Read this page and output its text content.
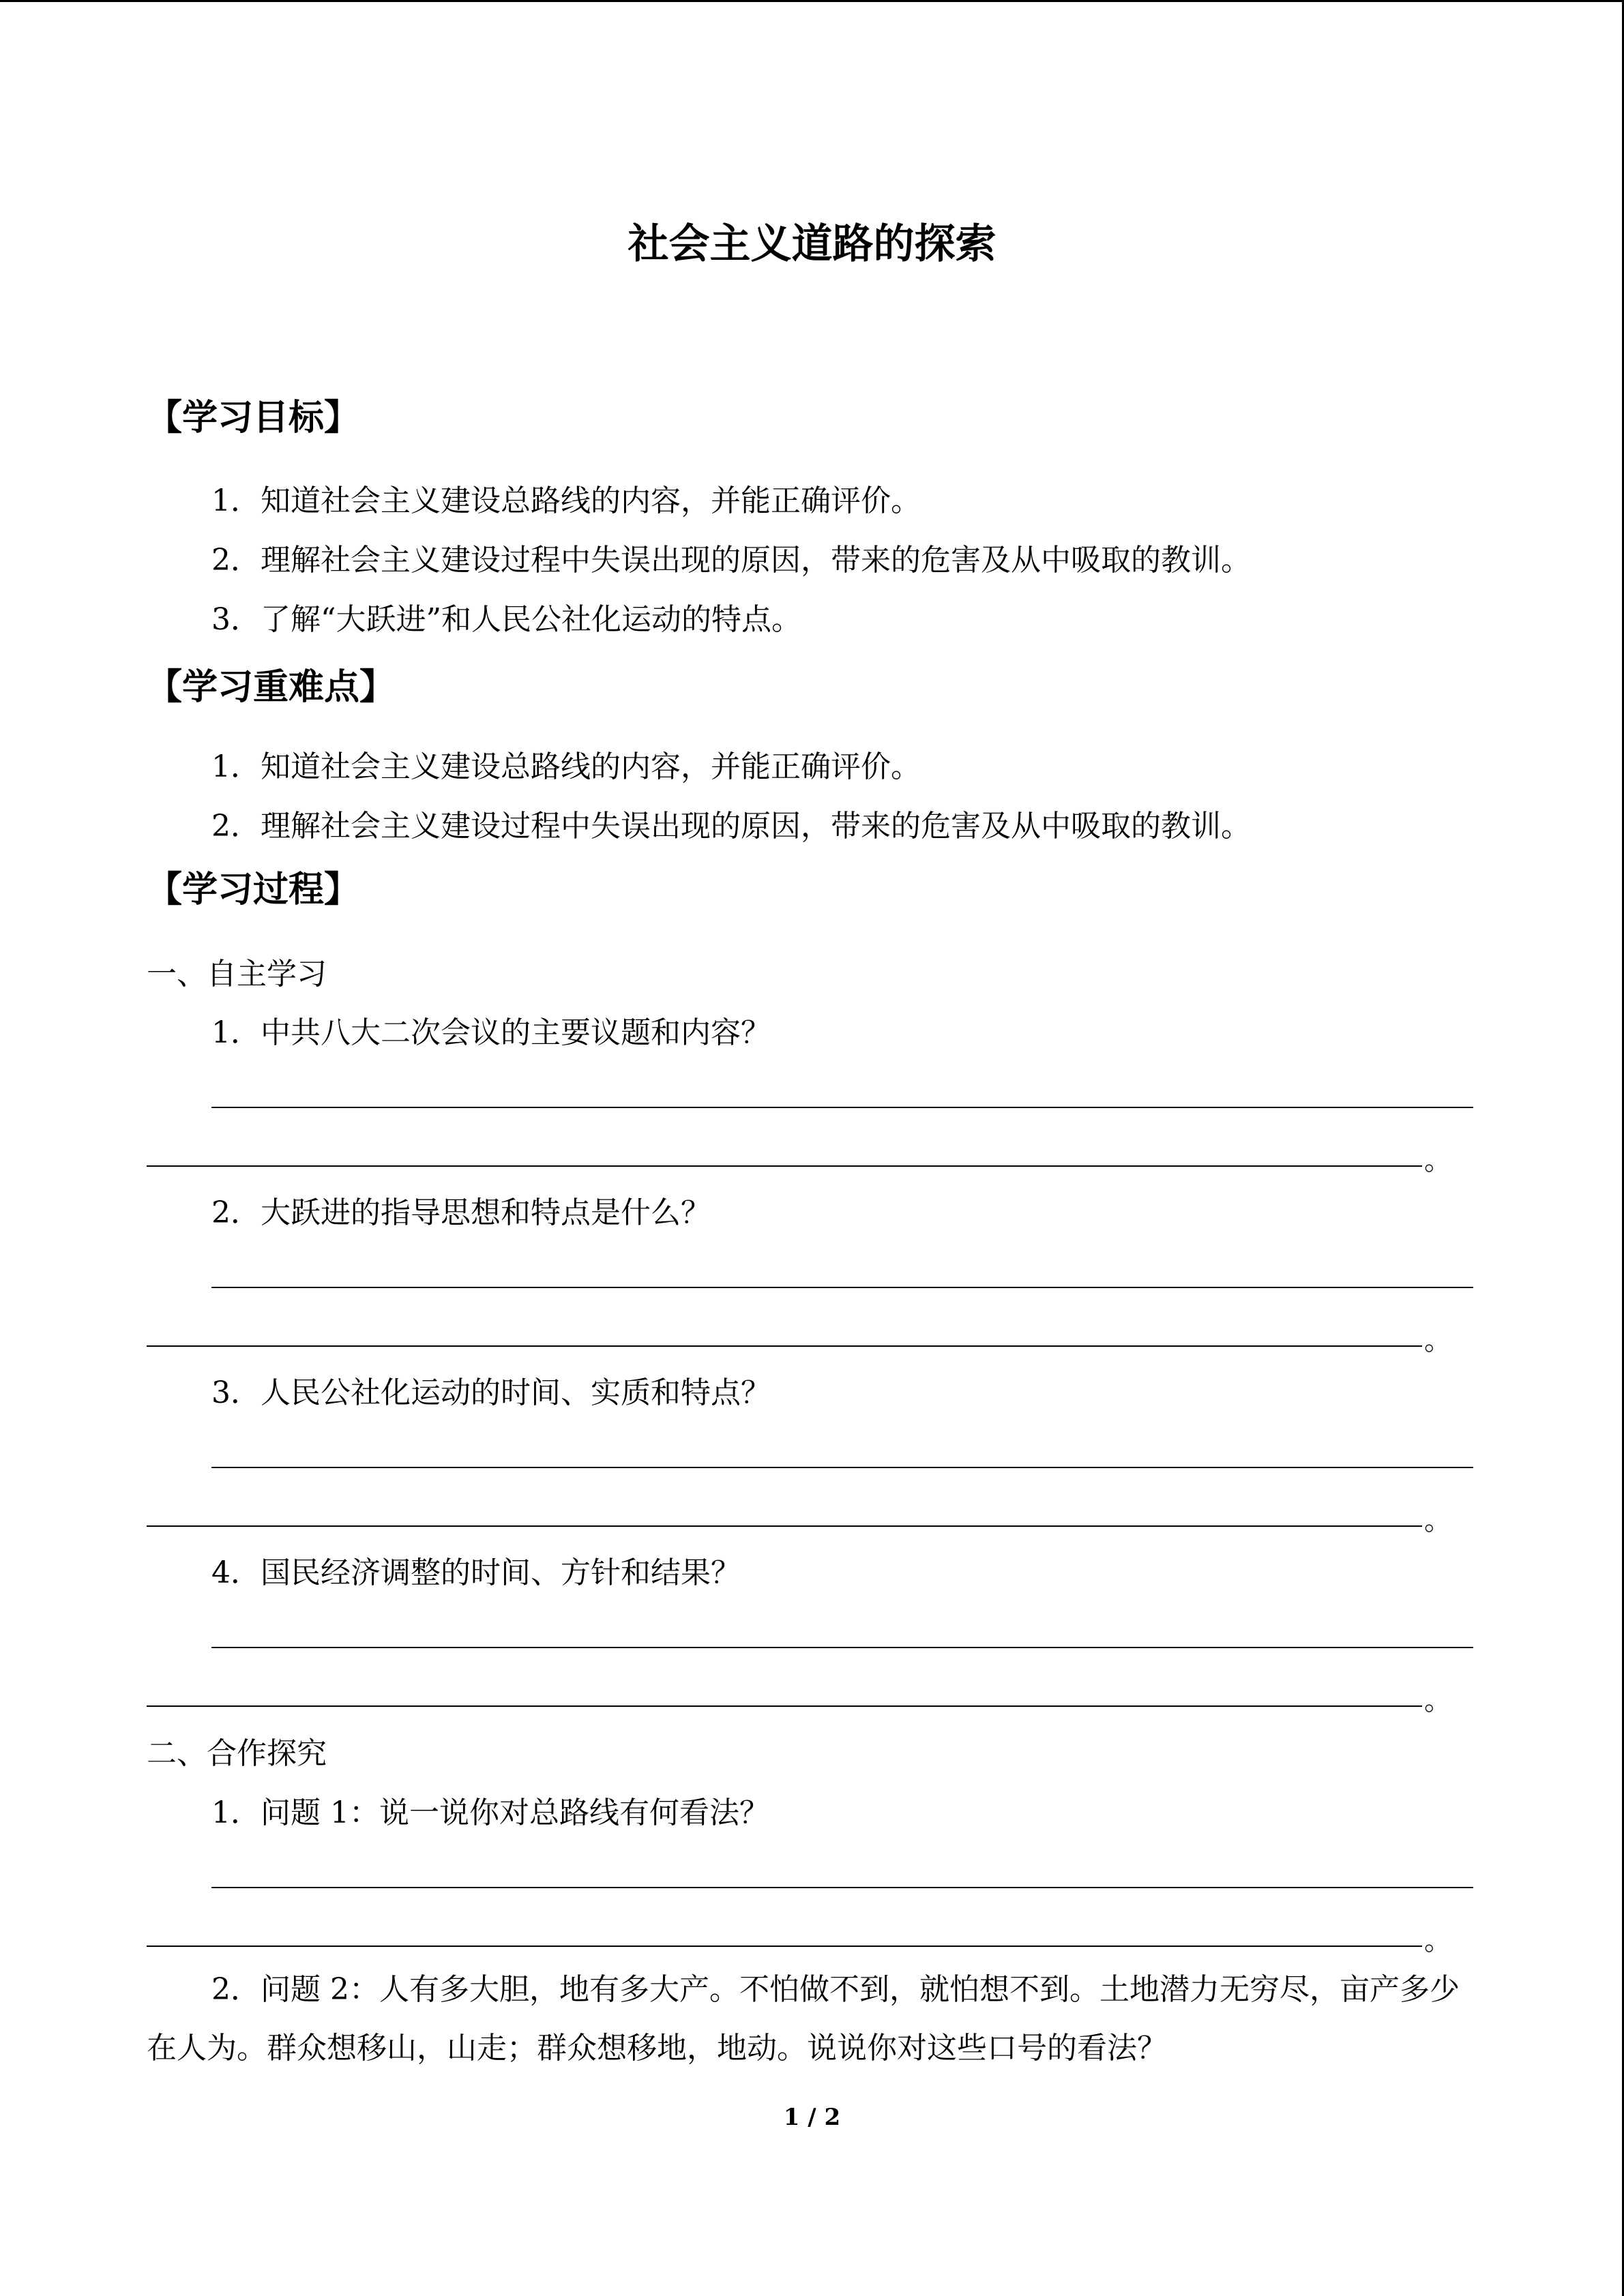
社会主义道路的探索
【学习目标】
1．知道社会主义建设总路线的内容，并能正确评价。
2．理解社会主义建设过程中失误出现的原因，带来的危害及从中吸取的教训。
3．了解“大跃进”和人民公社化运动的特点。
【学习重难点】
1．知道社会主义建设总路线的内容，并能正确评价。
2．理解社会主义建设过程中失误出现的原因，带来的危害及从中吸取的教训。
【学习过程】
一、自主学习
1．中共八大二次会议的主要议题和内容？
。
2．大跃进的指导思想和特点是什么？
。
3．人民公社化运动的时间、实质和特点？
。
4．国民经济调整的时间、方针和结果？
。
二、合作探究
1．问题 1：说一说你对总路线有何看法？
。
2．问题 2：人有多大胆，地有多大产。不怕做不到，就怕想不到。土地潜力无穷尽，亩产多少在人为。群众想移山，山走；群众想移地，地动。说说你对这些口号的看法？
1 / 2
